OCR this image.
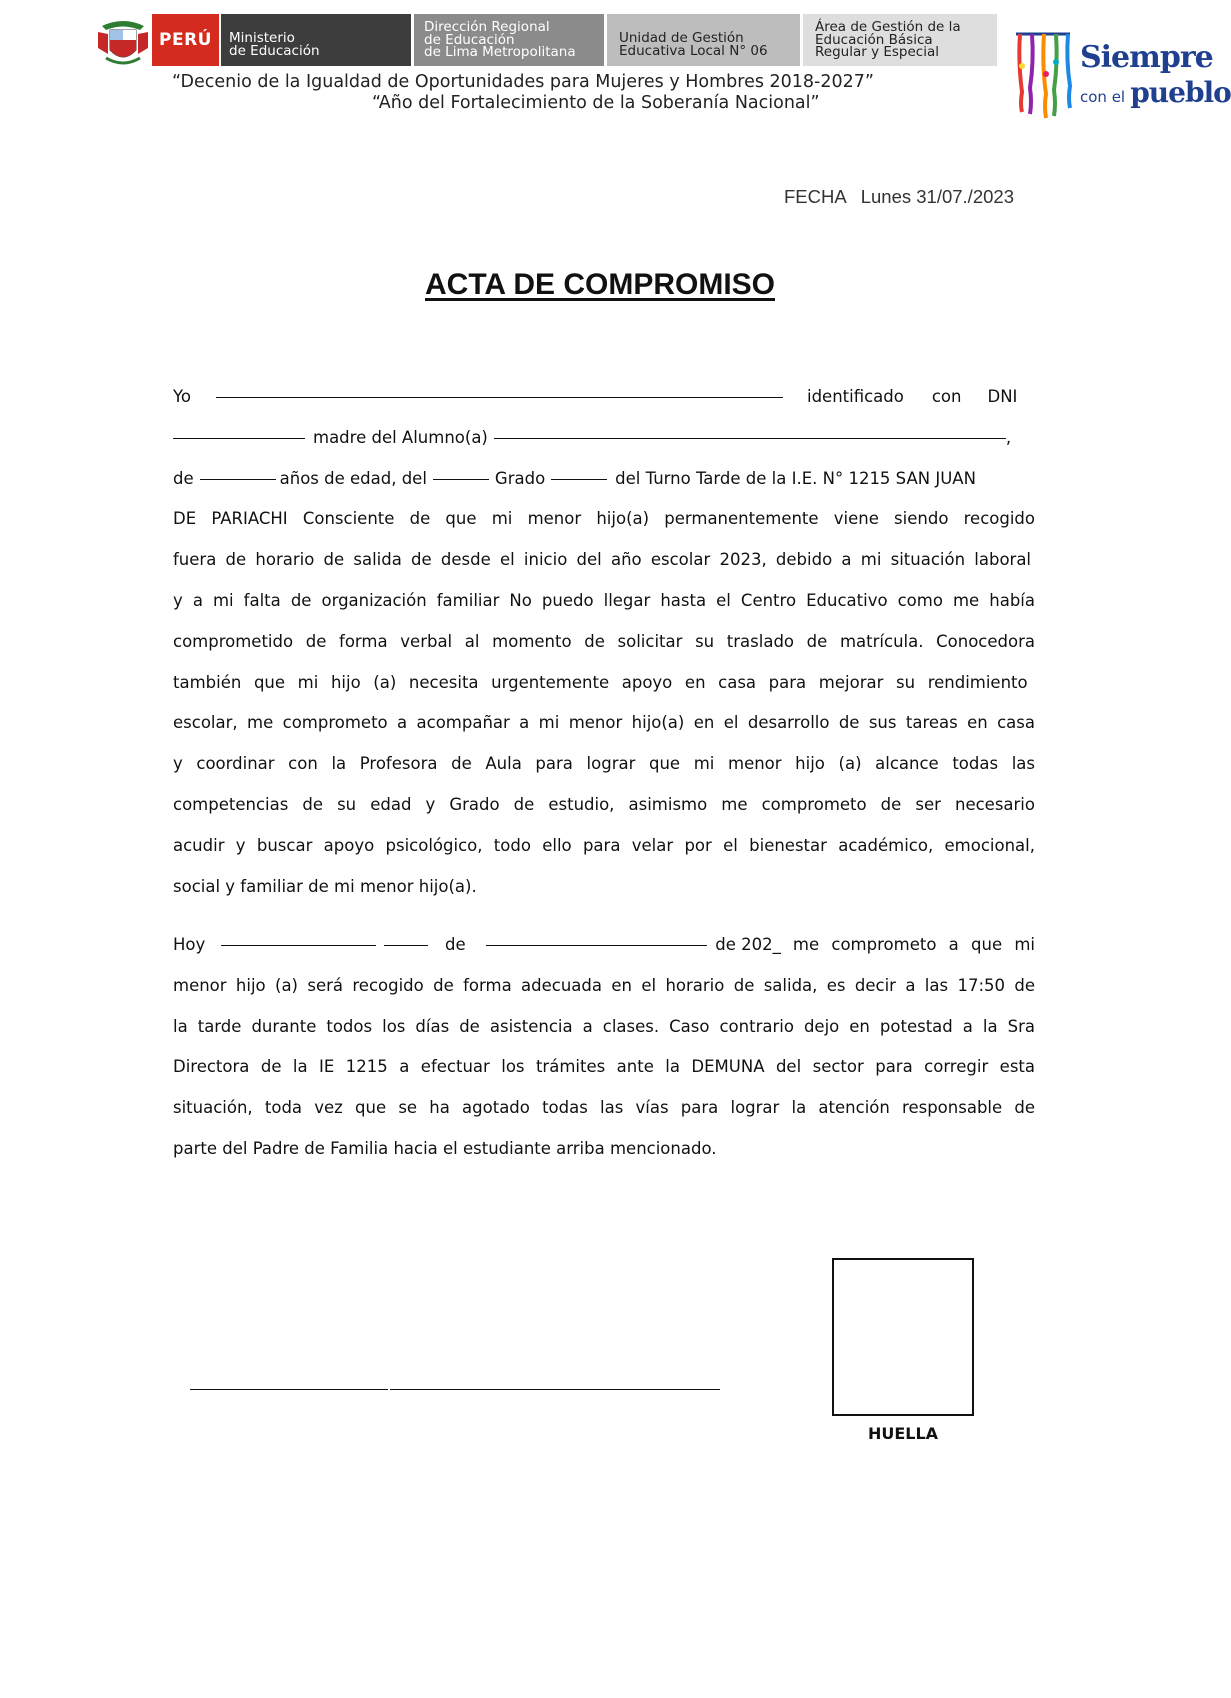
PERÚ Ministerio
de Educación
Dirección Regional
de Educación
de Lima Metropolitana
Unidad de Gestión
Educativa Local N° 06
Área de Gestión de la
Educación Básica
Regular y Especial
“Decenio de la Igualdad de Oportunidades para Mujeres y Hombres 2018-2027”
“Año del Fortalecimiento de la Soberanía Nacional”
Siempre
con el pueblo
FECHA Lunes 31/07./2023
ACTA DE COMPROMISO
Yo	identificado con DNI
madre del Alumno(a)	,
de	años de edad, del	Grado	del Turno Tarde de la I.E. N° 1215 SAN JUAN
DE PARIACHI Consciente de que mi menor hijo(a) permanentemente viene siendo recogido
fuera de horario de salida de desde el inicio del año escolar 2023, debido a mi situación laboral
y a mi falta de organización familiar No puedo llegar hasta el Centro Educativo como me había
comprometido de forma verbal al momento de solicitar su traslado de matrícula. Conocedora
también que mi hijo (a) necesita urgentemente apoyo en casa para mejorar su rendimiento
escolar, me comprometo a acompañar a mi menor hijo(a) en el desarrollo de sus tareas en casa
y coordinar con la Profesora de Aula para lograr que mi menor hijo (a) alcance todas las
competencias de su edad y Grado de estudio, asimismo me comprometo de ser necesario
acudir y buscar apoyo psicológico, todo ello para velar por el bienestar académico, emocional,
social y familiar de mi menor hijo(a).
Hoy	de	de 202_ me comprometo a que mi
menor hijo (a) será recogido de forma adecuada en el horario de salida, es decir a las 17:50 de
la tarde durante todos los días de asistencia a clases. Caso contrario dejo en potestad a la Sra
Directora de la IE 1215 a efectuar los trámites ante la DEMUNA del sector para corregir esta
situación, toda vez que se ha agotado todas las vías para lograr la atención responsable de
parte del Padre de Familia hacia el estudiante arriba mencionado.
HUELLA
